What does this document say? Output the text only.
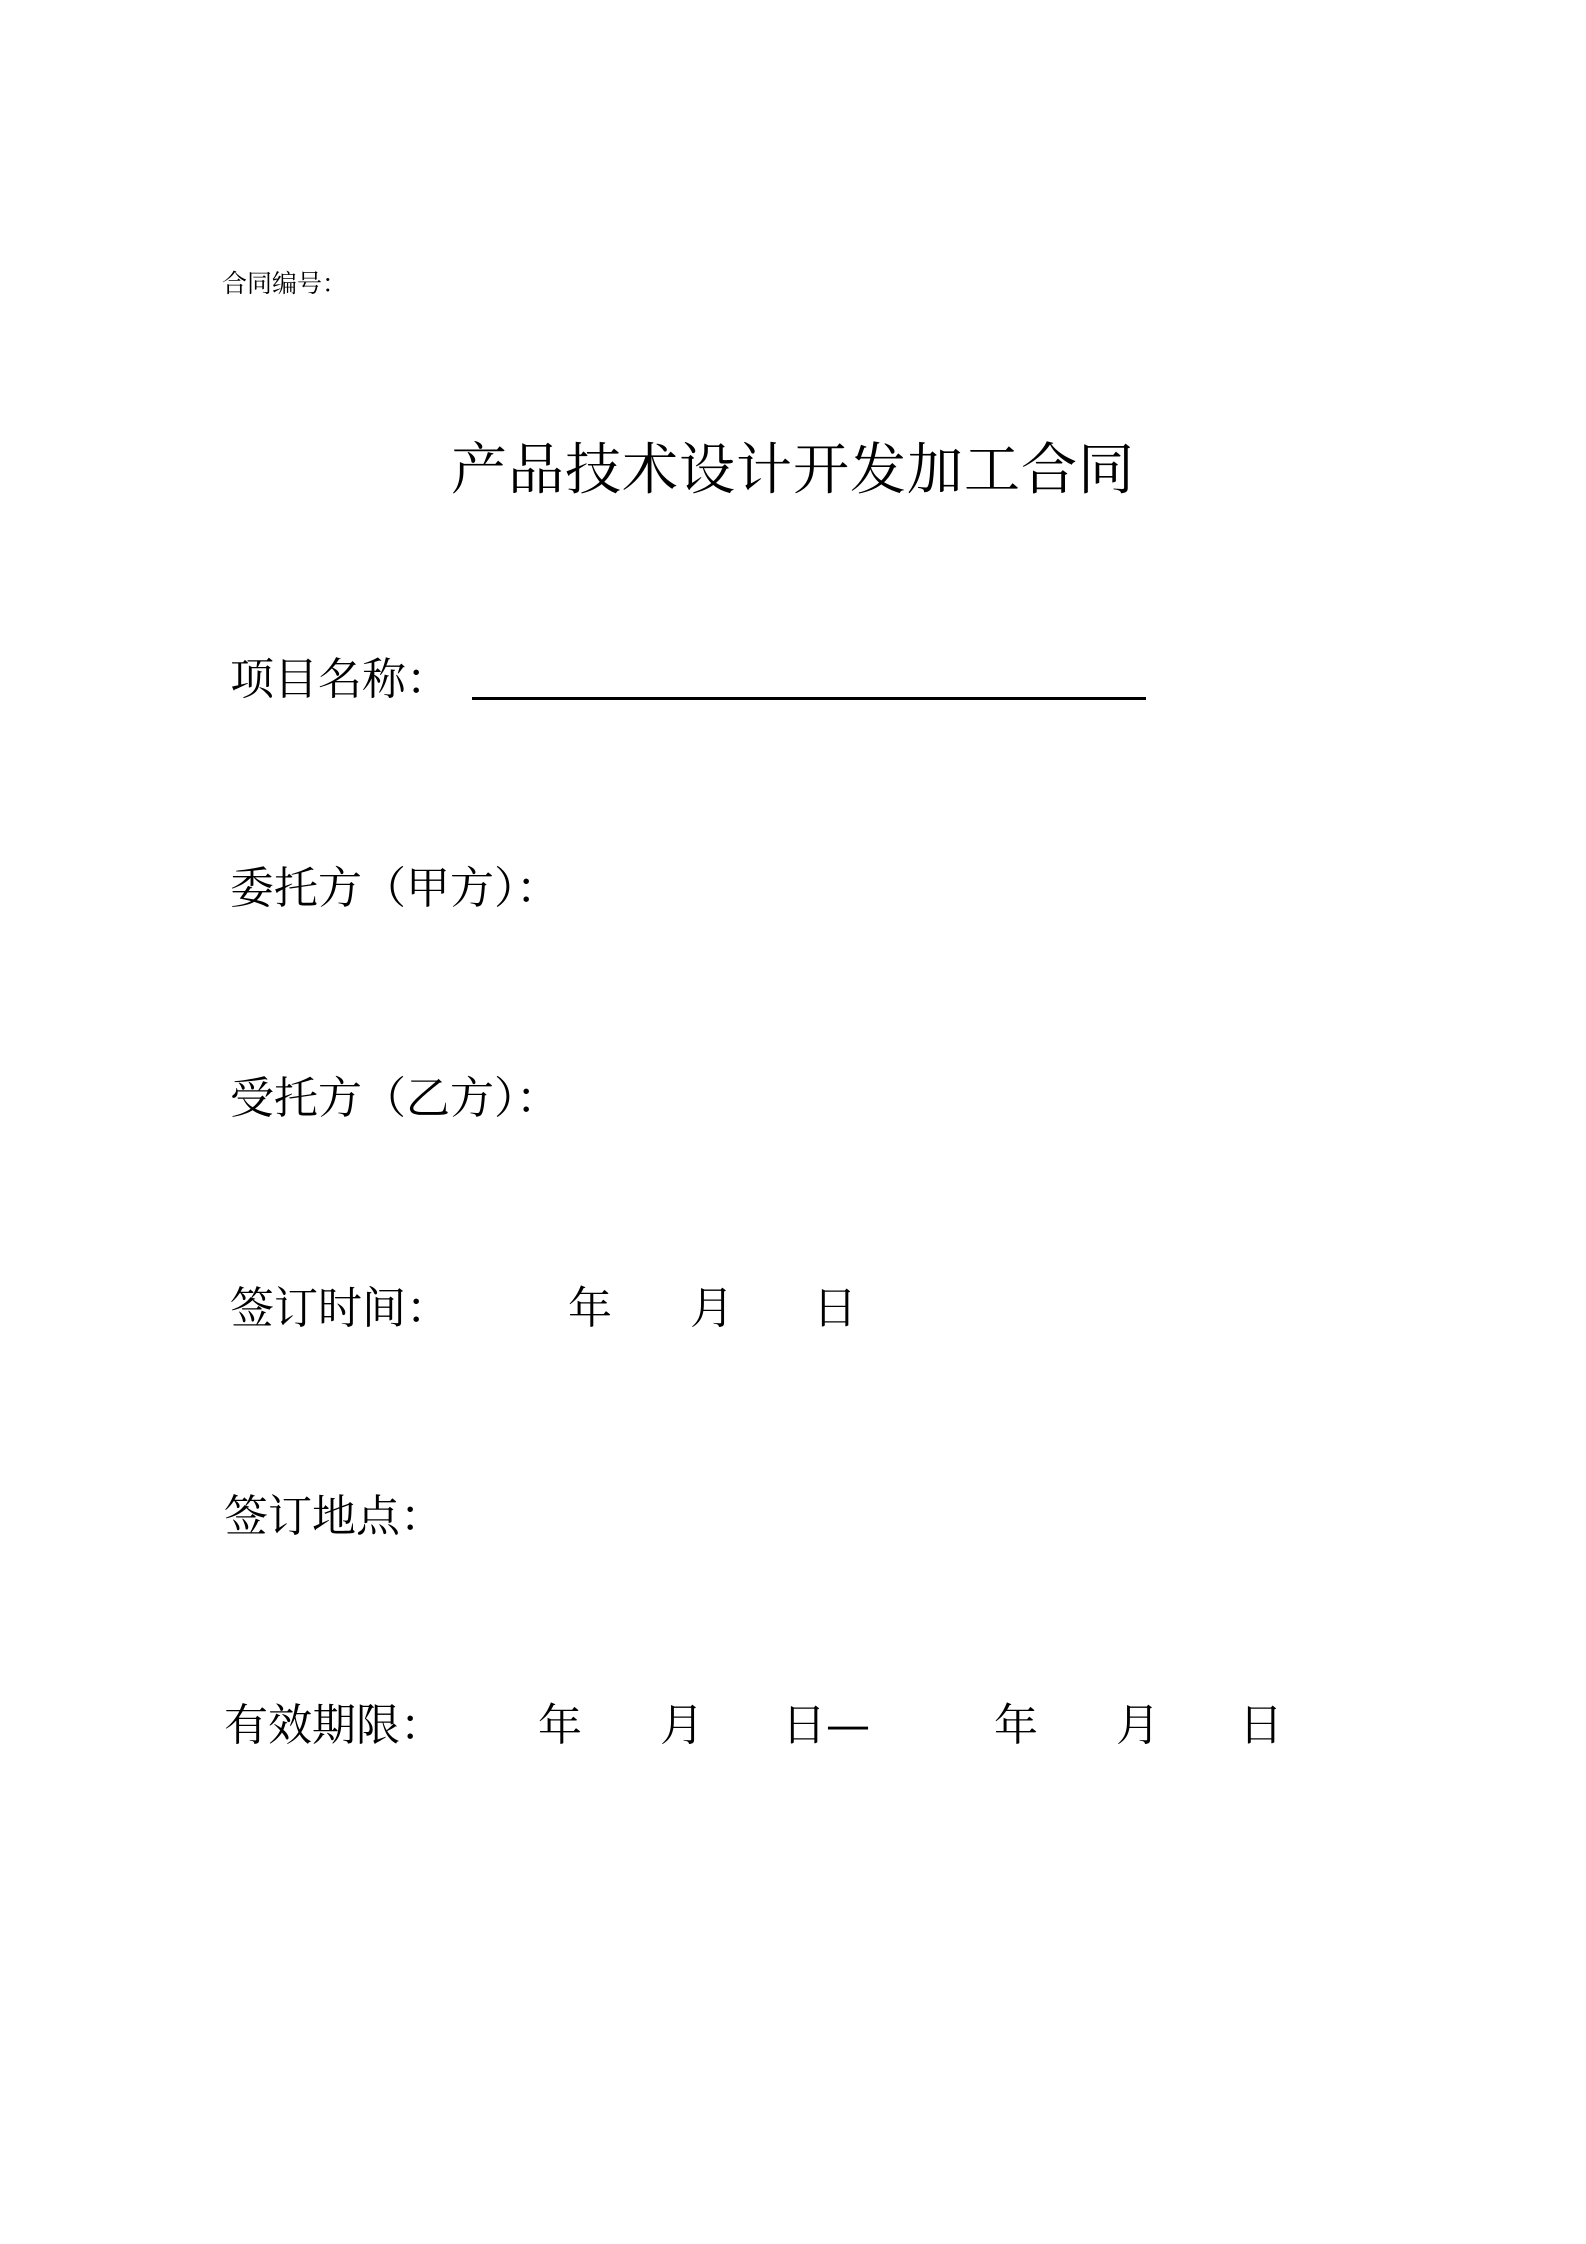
合同编号：
产品技术设计开发加工合同
项目名称：
委托方（甲方）：
受托方（乙方）：
签订时间：	年 月 日
签订地点：
有效期限： 年 月 日—	年 月 日
